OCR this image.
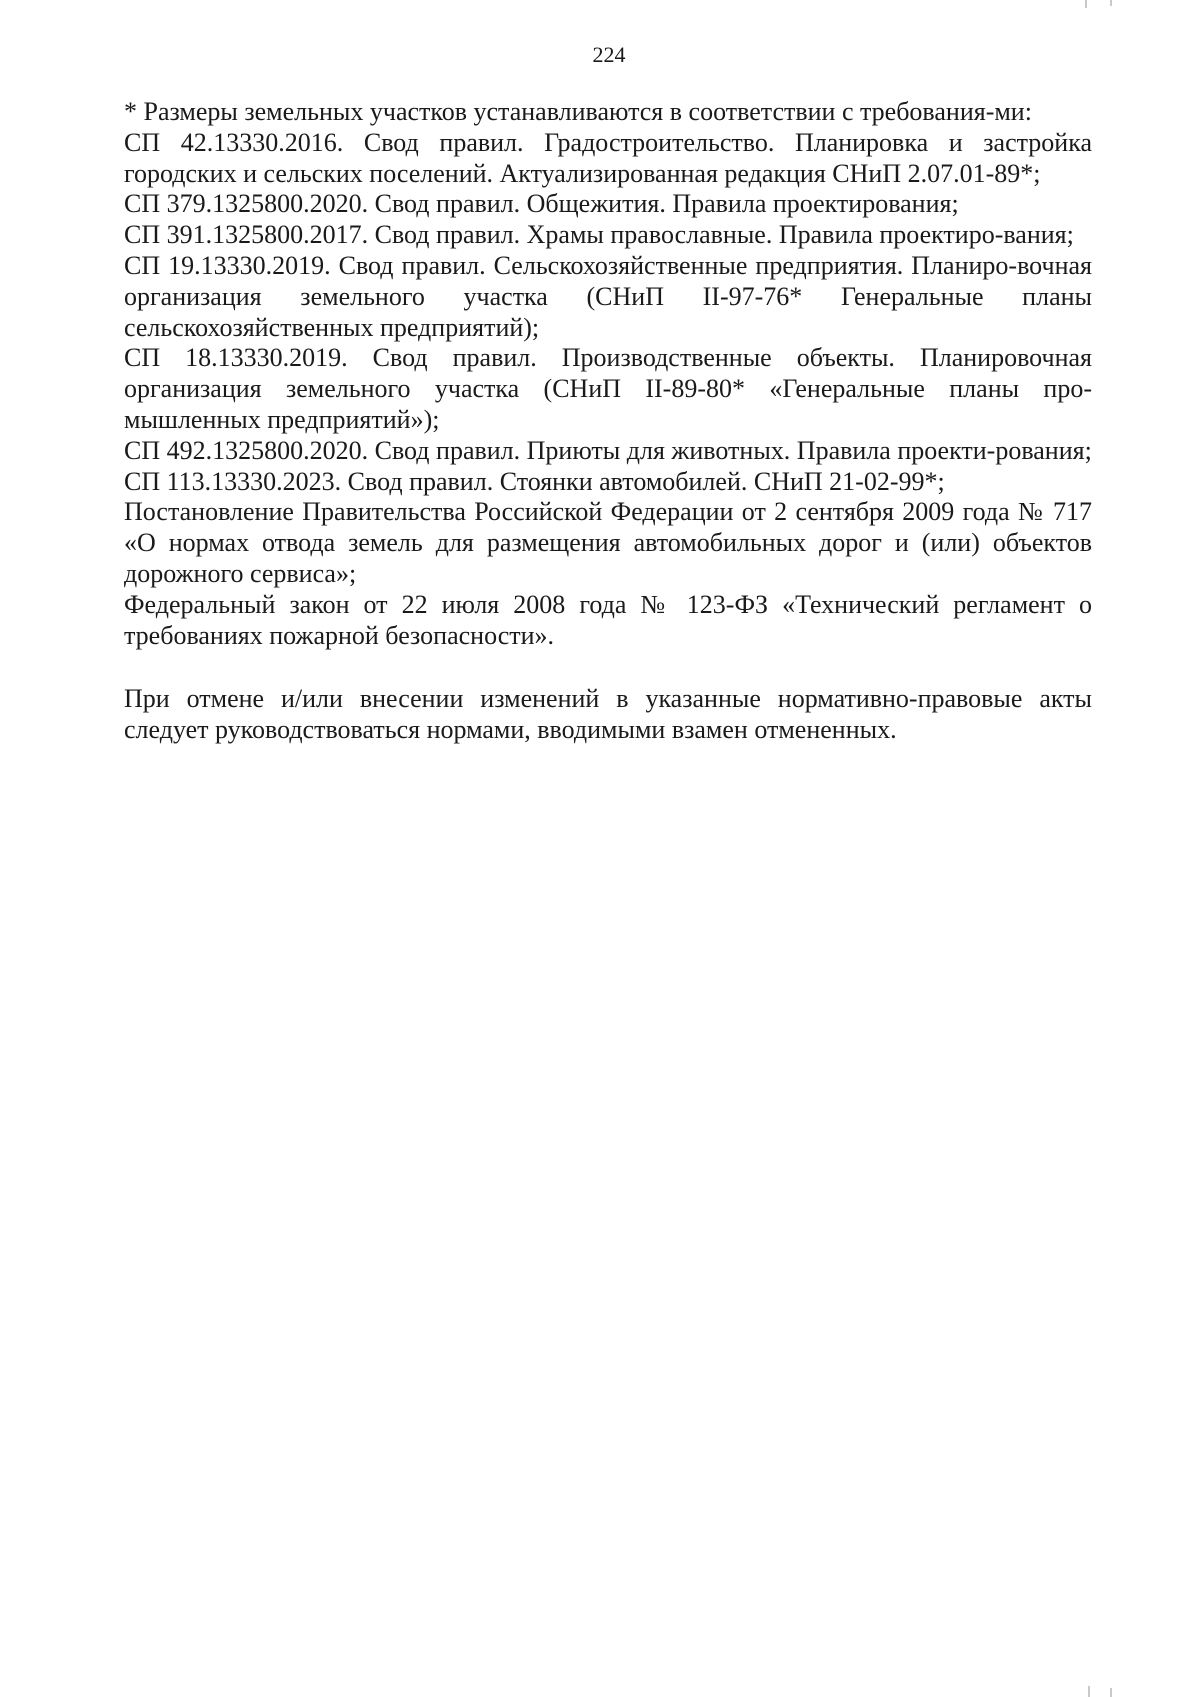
224

* Размеры земельных участков устанавливаются в соответствии с требования-ми:

СП 42.13330.2016. Свод правил. Градостроительство. Планировка и застройка городских и сельских поселений. Актуализированная редакция СНиП 2.07.01-89*;

СП 379.1325800.2020. Свод правил. Общежития. Правила проектирования;

СП 391.1325800.2017. Свод правил. Храмы православные. Правила проектиро-вания;

СП 19.13330.2019. Свод правил. Сельскохозяйственные предприятия. Планиро-вочная организация земельного участка (СНиП II-97-76* Генеральные планы сельскохозяйственных предприятий);

СП 18.13330.2019. Свод правил. Производственные объекты. Планировочная организация земельного участка (СНиП II-89-80* «Генеральные планы про-мышленных предприятий»);

СП 492.1325800.2020. Свод правил. Приюты для животных. Правила проекти-рования;

СП 113.13330.2023. Свод правил. Стоянки автомобилей. СНиП 21-02-99*;

Постановление Правительства Российской Федерации от 2 сентября 2009 года № 717 «О нормах отвода земель для размещения автомобильных дорог и (или) объектов дорожного сервиса»;

Федеральный закон от 22 июля 2008 года № 123-ФЗ «Технический регламент о требованиях пожарной безопасности».

При отмене и/или внесении изменений в указанные нормативно-правовые акты следует руководствоваться нормами, вводимыми взамен отмененных.
